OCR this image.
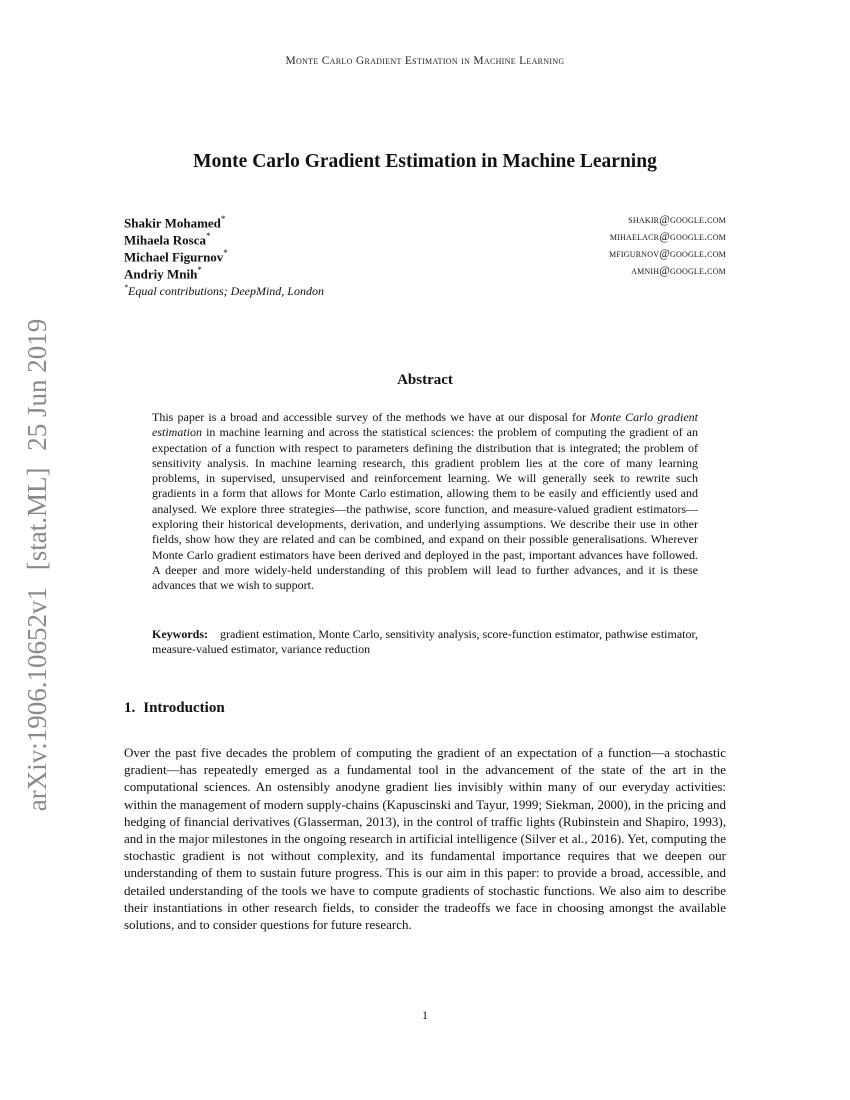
Monte Carlo Gradient Estimation in Machine Learning
arXiv:1906.10652v1 [stat.ML] 25 Jun 2019
Monte Carlo Gradient Estimation in Machine Learning
Shakir Mohamed*	shakir@google.com
Mihaela Rosca*	mihaelacr@google.com
Michael Figurnov*	mfigurnov@google.com
Andriy Mnih*	amnih@google.com
*Equal contributions; DeepMind, London
Abstract
This paper is a broad and accessible survey of the methods we have at our disposal for Monte Carlo gradient estimation in machine learning and across the statistical sciences: the problem of computing the gradient of an expectation of a function with respect to parameters defining the distribution that is integrated; the problem of sensitivity analysis. In machine learning research, this gradient problem lies at the core of many learning problems, in supervised, unsupervised and reinforcement learning. We will generally seek to rewrite such gradients in a form that allows for Monte Carlo estimation, allowing them to be easily and efficiently used and analysed. We explore three strategies—the pathwise, score function, and measure-valued gradient estimators—exploring their historical developments, derivation, and underlying assumptions. We describe their use in other fields, show how they are related and can be combined, and expand on their possible generalisations. Wherever Monte Carlo gradient estimators have been derived and deployed in the past, important advances have followed. A deeper and more widely-held understanding of this problem will lead to further advances, and it is these advances that we wish to support.
Keywords: gradient estimation, Monte Carlo, sensitivity analysis, score-function estimator, pathwise estimator, measure-valued estimator, variance reduction
1. Introduction
Over the past five decades the problem of computing the gradient of an expectation of a function—a stochastic gradient—has repeatedly emerged as a fundamental tool in the advancement of the state of the art in the computational sciences. An ostensibly anodyne gradient lies invisibly within many of our everyday activities: within the management of modern supply-chains (Kapuscinski and Tayur, 1999; Siekman, 2000), in the pricing and hedging of financial derivatives (Glasserman, 2013), in the control of traffic lights (Rubinstein and Shapiro, 1993), and in the major milestones in the ongoing research in artificial intelligence (Silver et al., 2016). Yet, computing the stochastic gradient is not without complexity, and its fundamental importance requires that we deepen our understanding of them to sustain future progress. This is our aim in this paper: to provide a broad, accessible, and detailed understanding of the tools we have to compute gradients of stochastic functions. We also aim to describe their instantiations in other research fields, to consider the tradeoffs we face in choosing amongst the available solutions, and to consider questions for future research.
1
